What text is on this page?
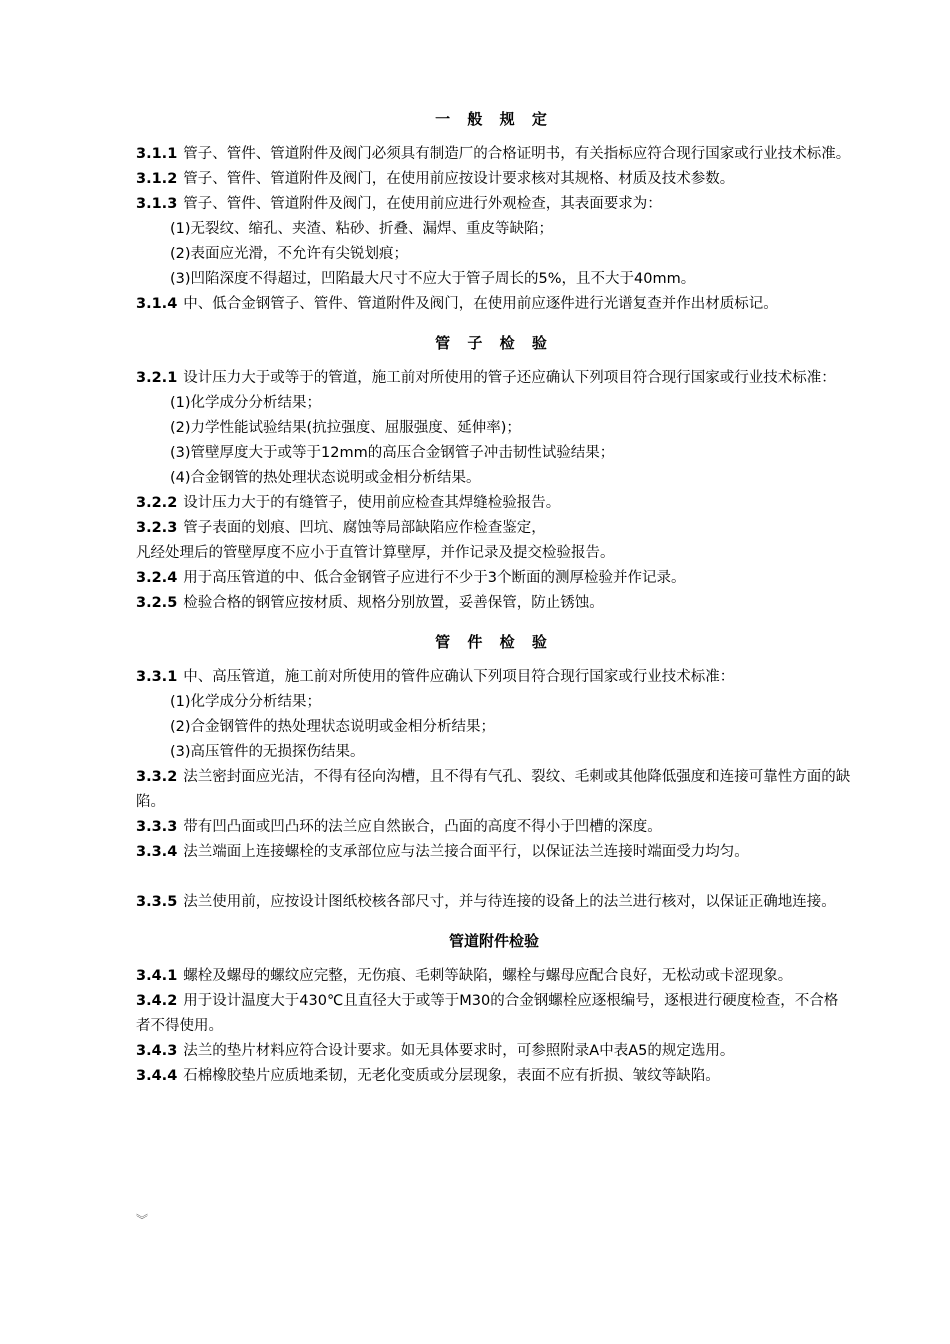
一 般 规 定

3.1.1 管子、管件、管道附件及阀门必须具有制造厂的合格证明书，有关指标应符合现行国家或行业技术标准。

3.1.2 管子、管件、管道附件及阀门，在使用前应按设计要求核对其规格、材质及技术参数。

3.1.3 管子、管件、管道附件及阀门，在使用前应进行外观检查，其表面要求为：

(1)无裂纹、缩孔、夹渣、粘砂、折叠、漏焊、重皮等缺陷；

(2)表面应光滑，不允许有尖锐划痕；

(3)凹陷深度不得超过，凹陷最大尺寸不应大于管子周长的5%，且不大于40mm。

3.1.4 中、低合金钢管子、管件、管道附件及阀门，在使用前应逐件进行光谱复查并作出材质标记。

管 子 检 验

3.2.1 设计压力大于或等于的管道，施工前对所使用的管子还应确认下列项目符合现行国家或行业技术标准：

(1)化学成分分析结果；

(2)力学性能试验结果(抗拉强度、屈服强度、延伸率)；

(3)管壁厚度大于或等于12mm的高压合金钢管子冲击韧性试验结果；

(4)合金钢管的热处理状态说明或金相分析结果。

3.2.2 设计压力大于的有缝管子，使用前应检查其焊缝检验报告。

3.2.3 管子表面的划痕、凹坑、腐蚀等局部缺陷应作检查鉴定，

凡经处理后的管壁厚度不应小于直管计算壁厚，并作记录及提交检验报告。

3.2.4 用于高压管道的中、低合金钢管子应进行不少于3个断面的测厚检验并作记录。

3.2.5 检验合格的钢管应按材质、规格分别放置，妥善保管，防止锈蚀。

管 件 检 验

3.3.1 中、高压管道，施工前对所使用的管件应确认下列项目符合现行国家或行业技术标准：

(1)化学成分分析结果；

(2)合金钢管件的热处理状态说明或金相分析结果；

(3)高压管件的无损探伤结果。

3.3.2 法兰密封面应光洁，不得有径向沟槽，且不得有气孔、裂纹、毛刺或其他降低强度和连接可靠性方面的缺陷。

3.3.3 带有凹凸面或凹凸环的法兰应自然嵌合，凸面的高度不得小于凹槽的深度。

3.3.4 法兰端面上连接螺栓的支承部位应与法兰接合面平行，以保证法兰连接时端面受力均匀。

3.3.5 法兰使用前，应按设计图纸校核各部尺寸，并与待连接的设备上的法兰进行核对，以保证正确地连接。

管道附件检验

3.4.1 螺栓及螺母的螺纹应完整，无伤痕、毛刺等缺陷，螺栓与螺母应配合良好，无松动或卡涩现象。

3.4.2 用于设计温度大于430℃且直径大于或等于M30的合金钢螺栓应逐根编号，逐根进行硬度检查，不合格者不得使用。

3.4.3 法兰的垫片材料应符合设计要求。如无具体要求时，可参照附录A中表A5的规定选用。

3.4.4 石棉橡胶垫片应质地柔韧，无老化变质或分层现象，表面不应有折损、皱纹等缺陷。

︾
